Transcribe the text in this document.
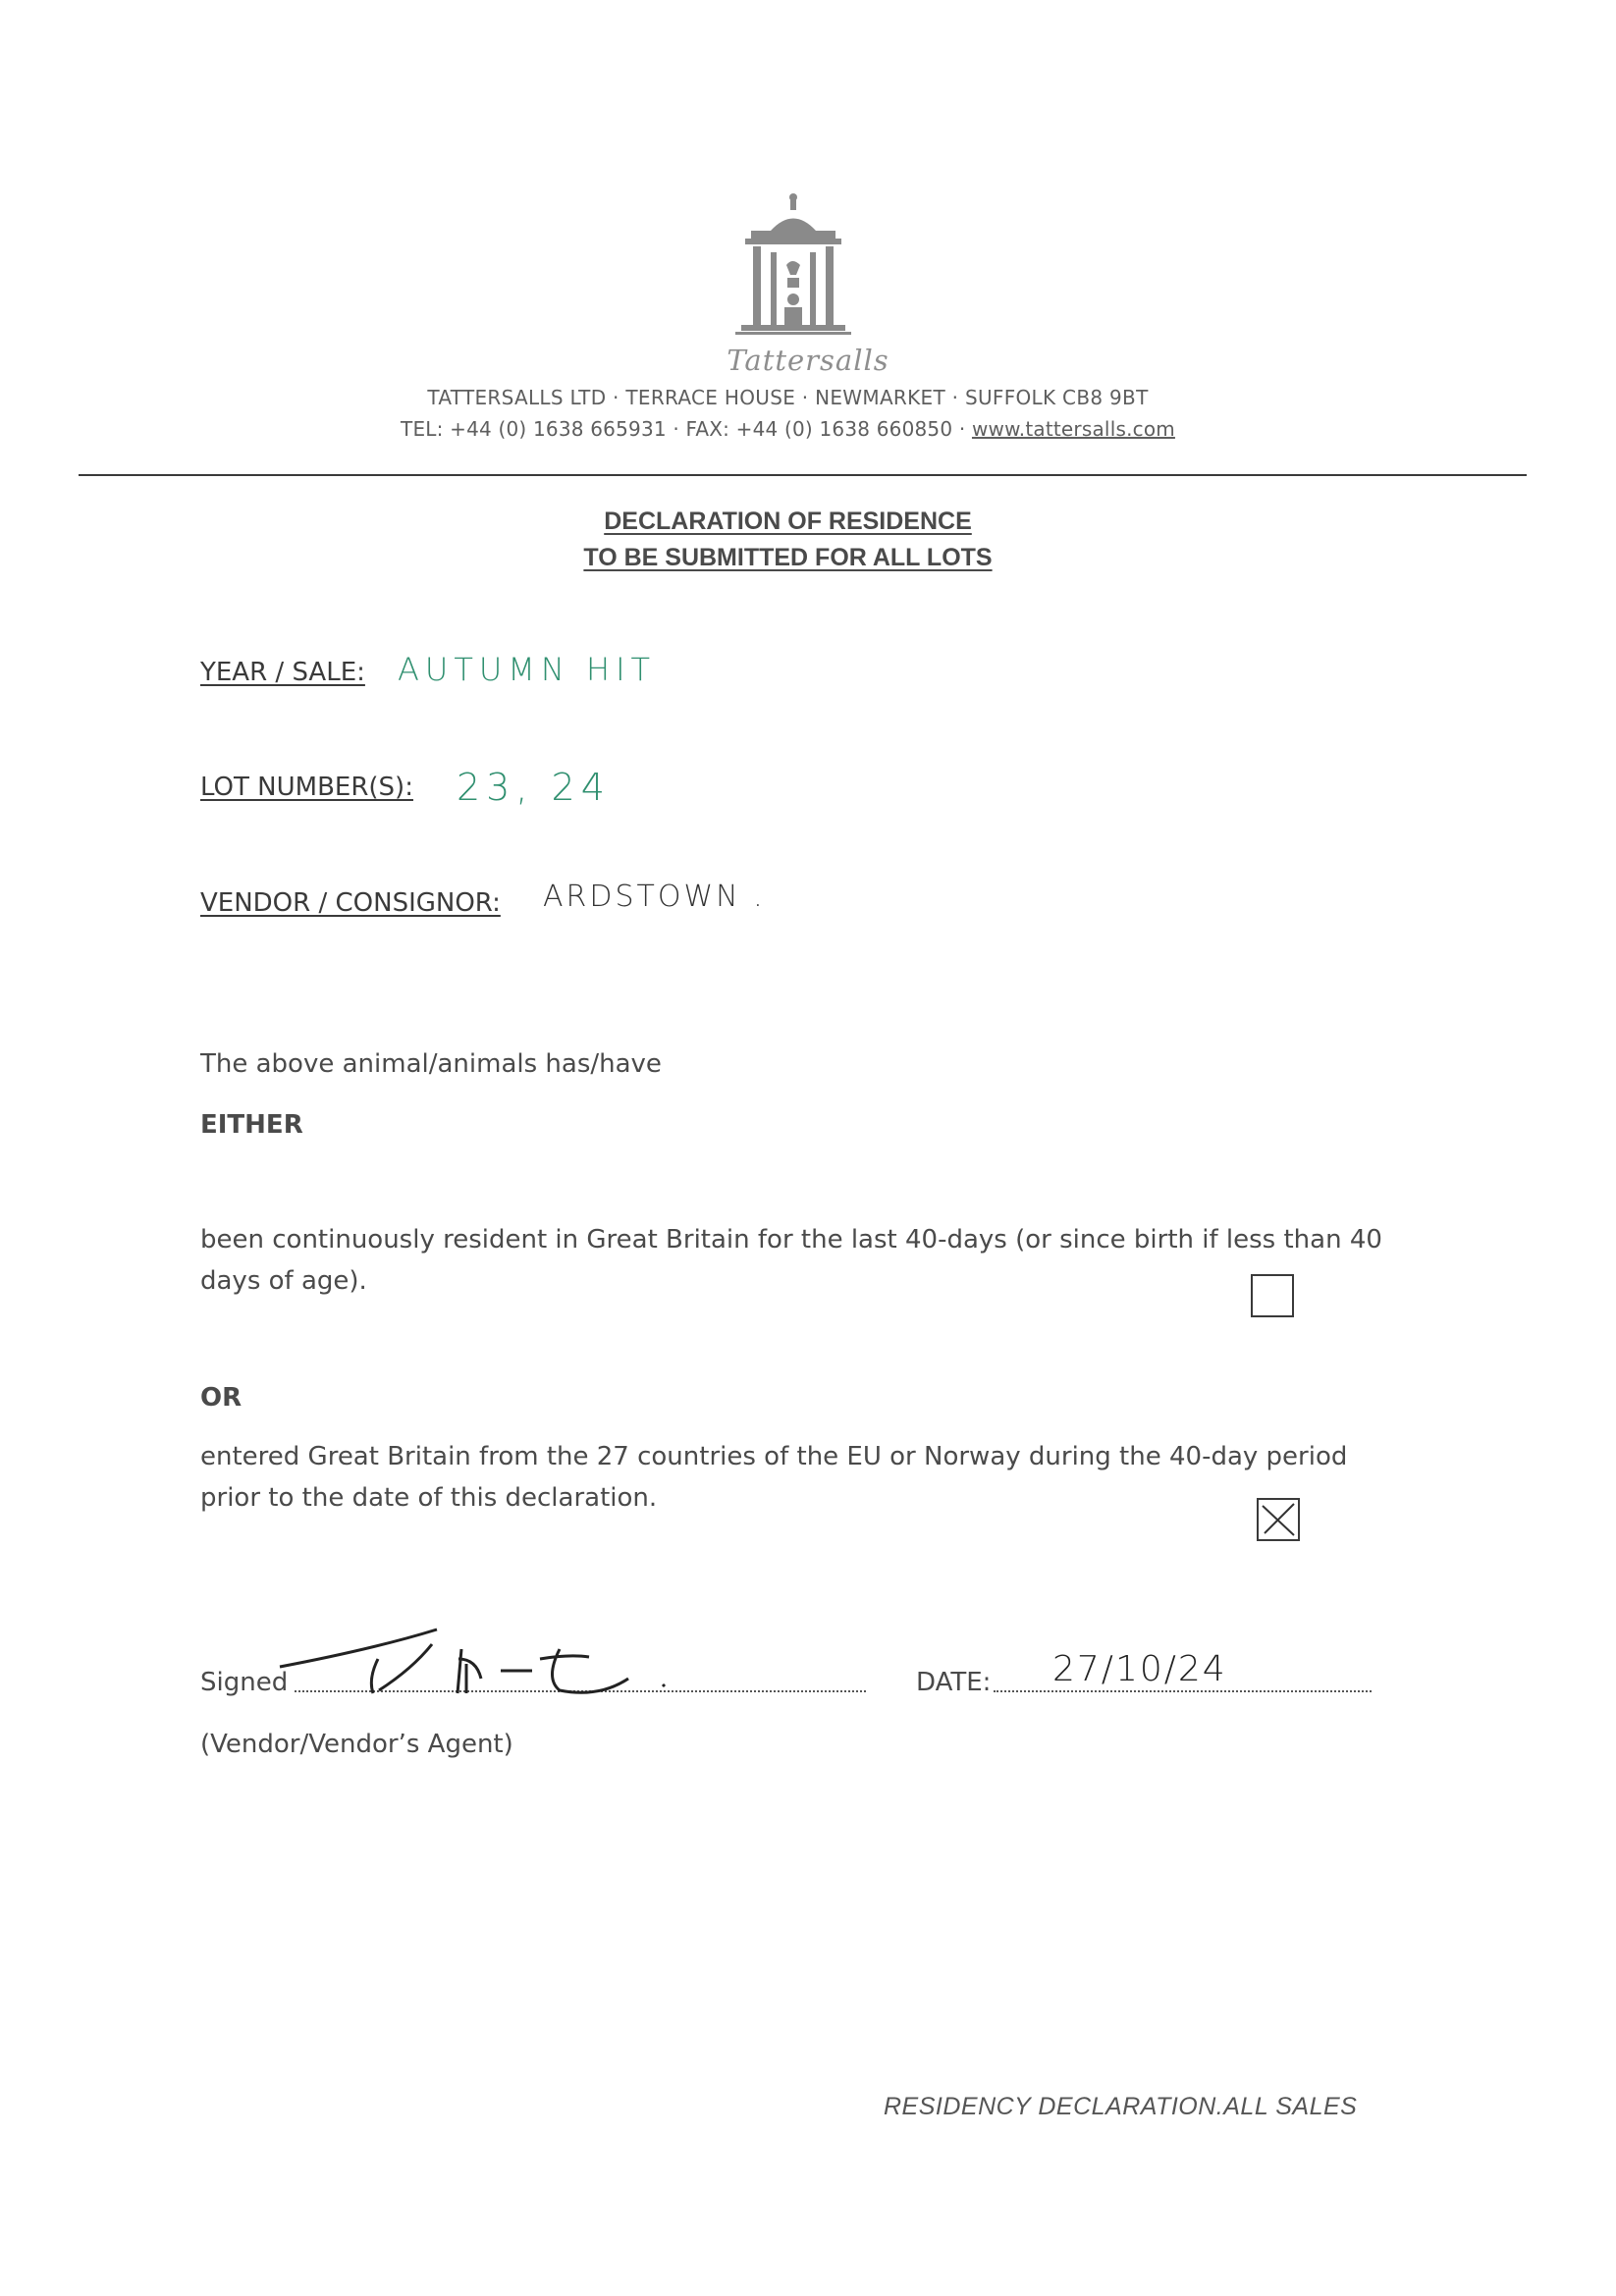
Tattersalls
TATTERSALLS LTD · TERRACE HOUSE · NEWMARKET · SUFFOLK CB8 9BT
TEL: +44 (0) 1638 665931 · FAX: +44 (0) 1638 660850 · www.tattersalls.com
DECLARATION OF RESIDENCE
TO BE SUBMITTED FOR ALL LOTS
YEAR / SALE: AUTUMN HIT
LOT NUMBER(S): 23, 24
VENDOR / CONSIGNOR: ARDSTOWN .
The above animal/animals has/have
EITHER
been continuously resident in Great Britain for the last 40-days (or since birth if less than 40 days of age).
OR
entered Great Britain from the 27 countries of the EU or Norway during the 40-day period prior to the date of this declaration.
Signed	DATE: 27/10/24
(Vendor/Vendor’s Agent)
RESIDENCY DECLARATION.ALL SALES
